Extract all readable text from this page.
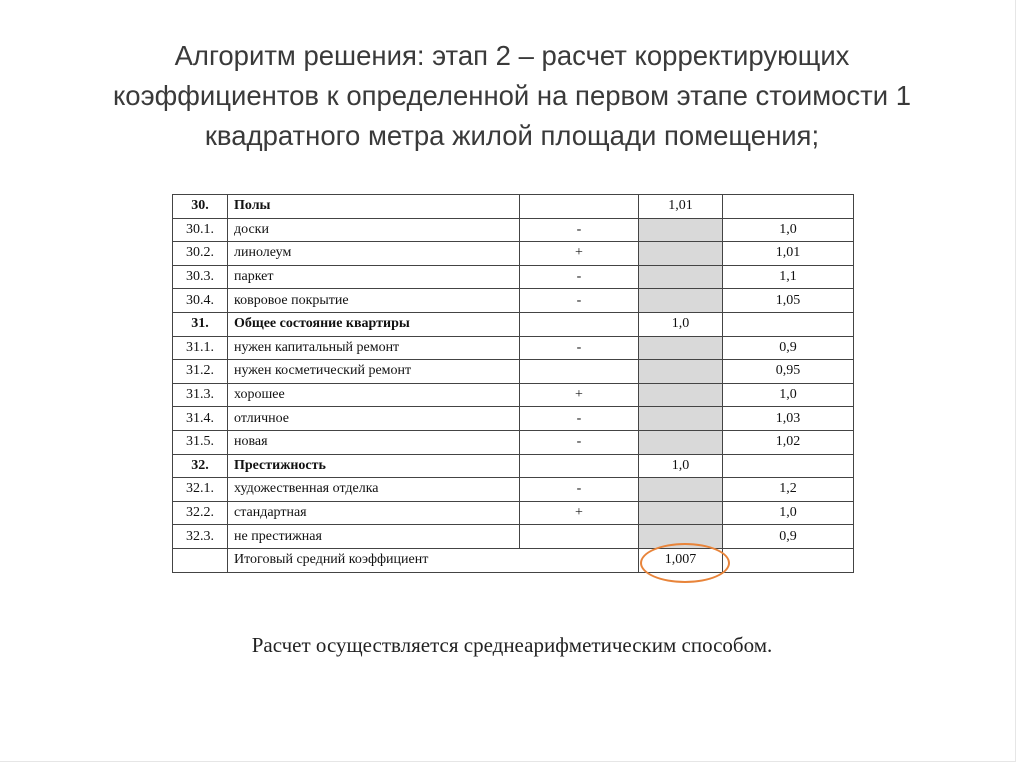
Алгоритм решения: этап 2 – расчет корректирующих
коэффициентов к определенной на первом этапе стоимости 1
квадратного метра жилой площади помещения;
30.	Полы		1,01	
30.1.	доски	-		1,0
30.2.	линолеум	+		1,01
30.3.	паркет	-		1,1
30.4.	ковровое покрытие	-		1,05
31.	Общее состояние квартиры		1,0	
31.1.	нужен капитальный ремонт	-		0,9
31.2.	нужен косметический ремонт			0,95
31.3.	хорошее	+		1,0
31.4.	отличное	-		1,03
31.5.	новая	-		1,02
32.	Престижность		1,0	
32.1.	художественная отделка	-		1,2
32.2.	стандартная	+		1,0
32.3.	не престижная			0,9
	Итоговый средний коэффициент		1,007	
Расчет осуществляется среднеарифметическим способом.
